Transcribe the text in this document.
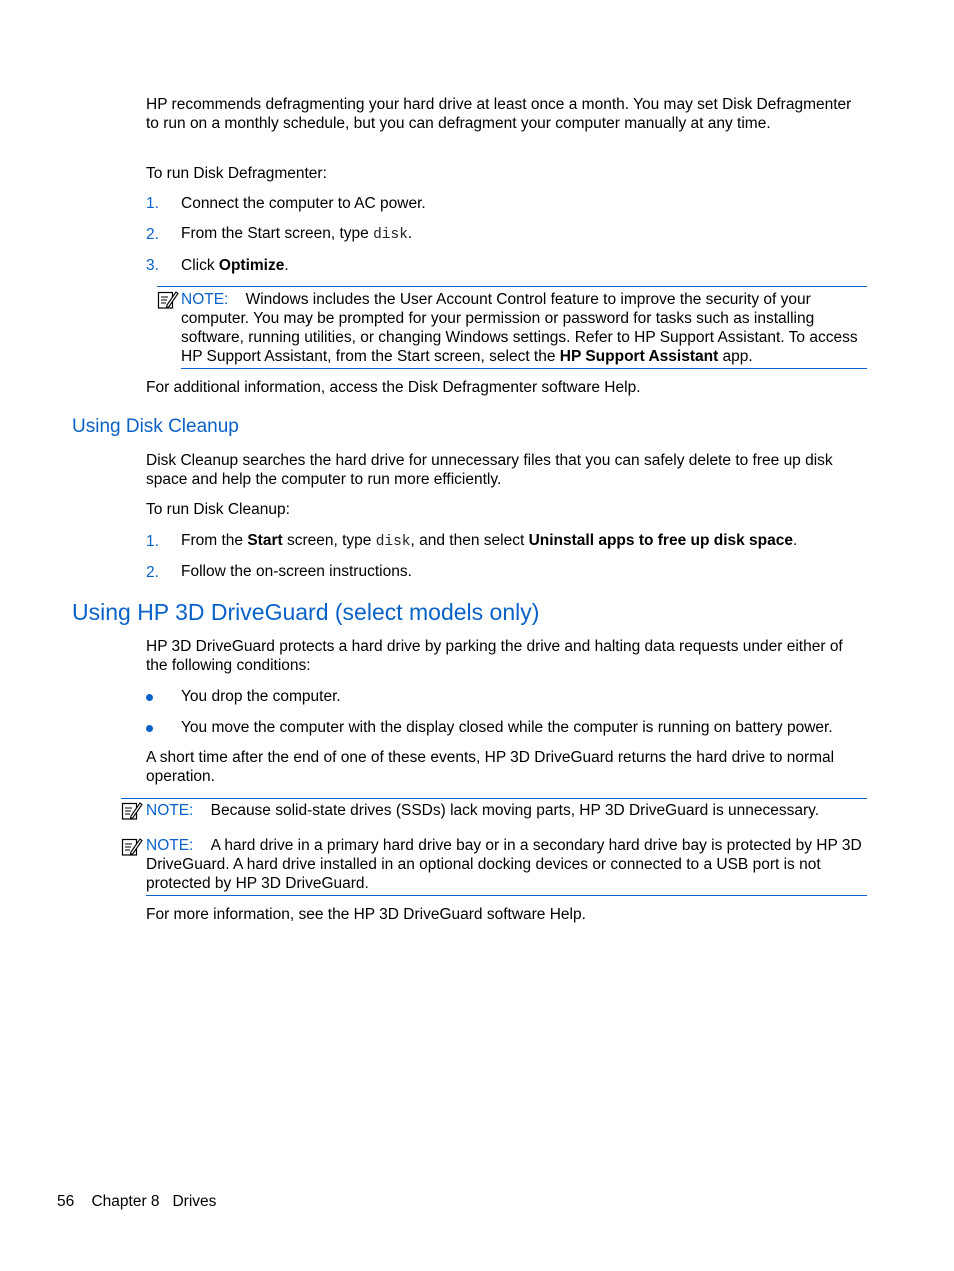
HP recommends defragmenting your hard drive at least once a month. You may set Disk Defragmenter to run on a monthly schedule, but you can defragment your computer manually at any time.

To run Disk Defragmenter:

1. Connect the computer to AC power.
2. From the Start screen, type disk.
3. Click Optimize.

NOTE: Windows includes the User Account Control feature to improve the security of your computer. You may be prompted for your permission or password for tasks such as installing software, running utilities, or changing Windows settings. Refer to HP Support Assistant. To access HP Support Assistant, from the Start screen, select the HP Support Assistant app.

For additional information, access the Disk Defragmenter software Help.

Using Disk Cleanup

Disk Cleanup searches the hard drive for unnecessary files that you can safely delete to free up disk space and help the computer to run more efficiently.

To run Disk Cleanup:

1. From the Start screen, type disk, and then select Uninstall apps to free up disk space.
2. Follow the on-screen instructions.
Using HP 3D DriveGuard (select models only)

HP 3D DriveGuard protects a hard drive by parking the drive and halting data requests under either of the following conditions:

You drop the computer.
You move the computer with the display closed while the computer is running on battery power.

A short time after the end of one of these events, HP 3D DriveGuard returns the hard drive to normal operation.

NOTE: Because solid-state drives (SSDs) lack moving parts, HP 3D DriveGuard is unnecessary.

NOTE: A hard drive in a primary hard drive bay or in a secondary hard drive bay is protected by HP 3D DriveGuard. A hard drive installed in an optional docking devices or connected to a USB port is not protected by HP 3D DriveGuard.

For more information, see the HP 3D DriveGuard software Help.

56 Chapter 8 Drives
